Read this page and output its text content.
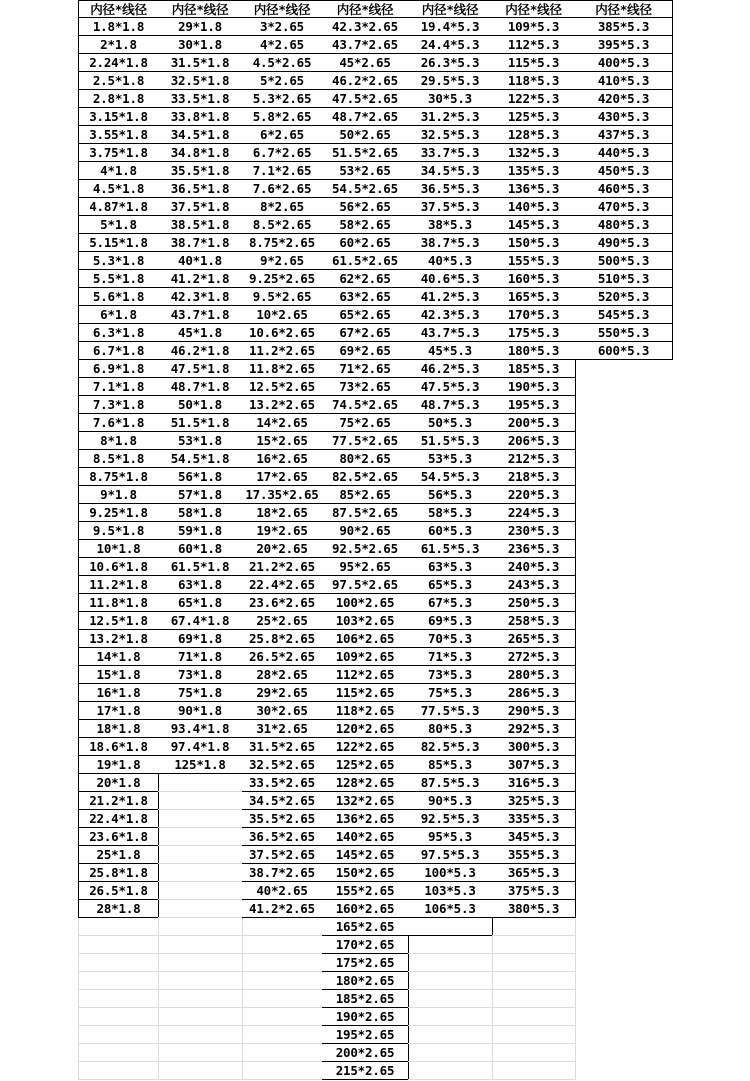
内径*线径
1.8*1.8
2*1.8
2.24*1.8
2.5*1.8
2.8*1.8
3.15*1.8
3.55*1.8
3.75*1.8
4*1.8
4.5*1.8
4.87*1.8
5*1.8
5.15*1.8
5.3*1.8
5.5*1.8
5.6*1.8
6*1.8
6.3*1.8
6.7*1.8
6.9*1.8
7.1*1.8
7.3*1.8
7.6*1.8
8*1.8
8.5*1.8
8.75*1.8
9*1.8
9.25*1.8
9.5*1.8
10*1.8
10.6*1.8
11.2*1.8
11.8*1.8
12.5*1.8
13.2*1.8
14*1.8
15*1.8
16*1.8
17*1.8
18*1.8
18.6*1.8
19*1.8
20*1.8
21.2*1.8
22.4*1.8
23.6*1.8
25*1.8
25.8*1.8
26.5*1.8
28*1.8
内径*线径
29*1.8
30*1.8
31.5*1.8
32.5*1.8
33.5*1.8
33.8*1.8
34.5*1.8
34.8*1.8
35.5*1.8
36.5*1.8
37.5*1.8
38.5*1.8
38.7*1.8
40*1.8
41.2*1.8
42.3*1.8
43.7*1.8
45*1.8
46.2*1.8
47.5*1.8
48.7*1.8
50*1.8
51.5*1.8
53*1.8
54.5*1.8
56*1.8
57*1.8
58*1.8
59*1.8
60*1.8
61.5*1.8
63*1.8
65*1.8
67.4*1.8
69*1.8
71*1.8
73*1.8
75*1.8
90*1.8
93.4*1.8
97.4*1.8
125*1.8
内径*线径
3*2.65
4*2.65
4.5*2.65
5*2.65
5.3*2.65
5.8*2.65
6*2.65
6.7*2.65
7.1*2.65
7.6*2.65
8*2.65
8.5*2.65
8.75*2.65
9*2.65
9.25*2.65
9.5*2.65
10*2.65
10.6*2.65
11.2*2.65
11.8*2.65
12.5*2.65
13.2*2.65
14*2.65
15*2.65
16*2.65
17*2.65
17.35*2.65
18*2.65
19*2.65
20*2.65
21.2*2.65
22.4*2.65
23.6*2.65
25*2.65
25.8*2.65
26.5*2.65
28*2.65
29*2.65
30*2.65
31*2.65
31.5*2.65
32.5*2.65
33.5*2.65
34.5*2.65
35.5*2.65
36.5*2.65
37.5*2.65
38.7*2.65
40*2.65
41.2*2.65
内径*线径
42.3*2.65
43.7*2.65
45*2.65
46.2*2.65
47.5*2.65
48.7*2.65
50*2.65
51.5*2.65
53*2.65
54.5*2.65
56*2.65
58*2.65
60*2.65
61.5*2.65
62*2.65
63*2.65
65*2.65
67*2.65
69*2.65
71*2.65
73*2.65
74.5*2.65
75*2.65
77.5*2.65
80*2.65
82.5*2.65
85*2.65
87.5*2.65
90*2.65
92.5*2.65
95*2.65
97.5*2.65
100*2.65
103*2.65
106*2.65
109*2.65
112*2.65
115*2.65
118*2.65
120*2.65
122*2.65
125*2.65
128*2.65
132*2.65
136*2.65
140*2.65
145*2.65
150*2.65
155*2.65
160*2.65
165*2.65
170*2.65
175*2.65
180*2.65
185*2.65
190*2.65
195*2.65
200*2.65
215*2.65
内径*线径
19.4*5.3
24.4*5.3
26.3*5.3
29.5*5.3
30*5.3
31.2*5.3
32.5*5.3
33.7*5.3
34.5*5.3
36.5*5.3
37.5*5.3
38*5.3
38.7*5.3
40*5.3
40.6*5.3
41.2*5.3
42.3*5.3
43.7*5.3
45*5.3
46.2*5.3
47.5*5.3
48.7*5.3
50*5.3
51.5*5.3
53*5.3
54.5*5.3
56*5.3
58*5.3
60*5.3
61.5*5.3
63*5.3
65*5.3
67*5.3
69*5.3
70*5.3
71*5.3
73*5.3
75*5.3
77.5*5.3
80*5.3
82.5*5.3
85*5.3
87.5*5.3
90*5.3
92.5*5.3
95*5.3
97.5*5.3
100*5.3
103*5.3
106*5.3
内径*线径
109*5.3
112*5.3
115*5.3
118*5.3
122*5.3
125*5.3
128*5.3
132*5.3
135*5.3
136*5.3
140*5.3
145*5.3
150*5.3
155*5.3
160*5.3
165*5.3
170*5.3
175*5.3
180*5.3
185*5.3
190*5.3
195*5.3
200*5.3
206*5.3
212*5.3
218*5.3
220*5.3
224*5.3
230*5.3
236*5.3
240*5.3
243*5.3
250*5.3
258*5.3
265*5.3
272*5.3
280*5.3
286*5.3
290*5.3
292*5.3
300*5.3
307*5.3
316*5.3
325*5.3
335*5.3
345*5.3
355*5.3
365*5.3
375*5.3
380*5.3
内径*线径
385*5.3
395*5.3
400*5.3
410*5.3
420*5.3
430*5.3
437*5.3
440*5.3
450*5.3
460*5.3
470*5.3
480*5.3
490*5.3
500*5.3
510*5.3
520*5.3
545*5.3
550*5.3
600*5.3
